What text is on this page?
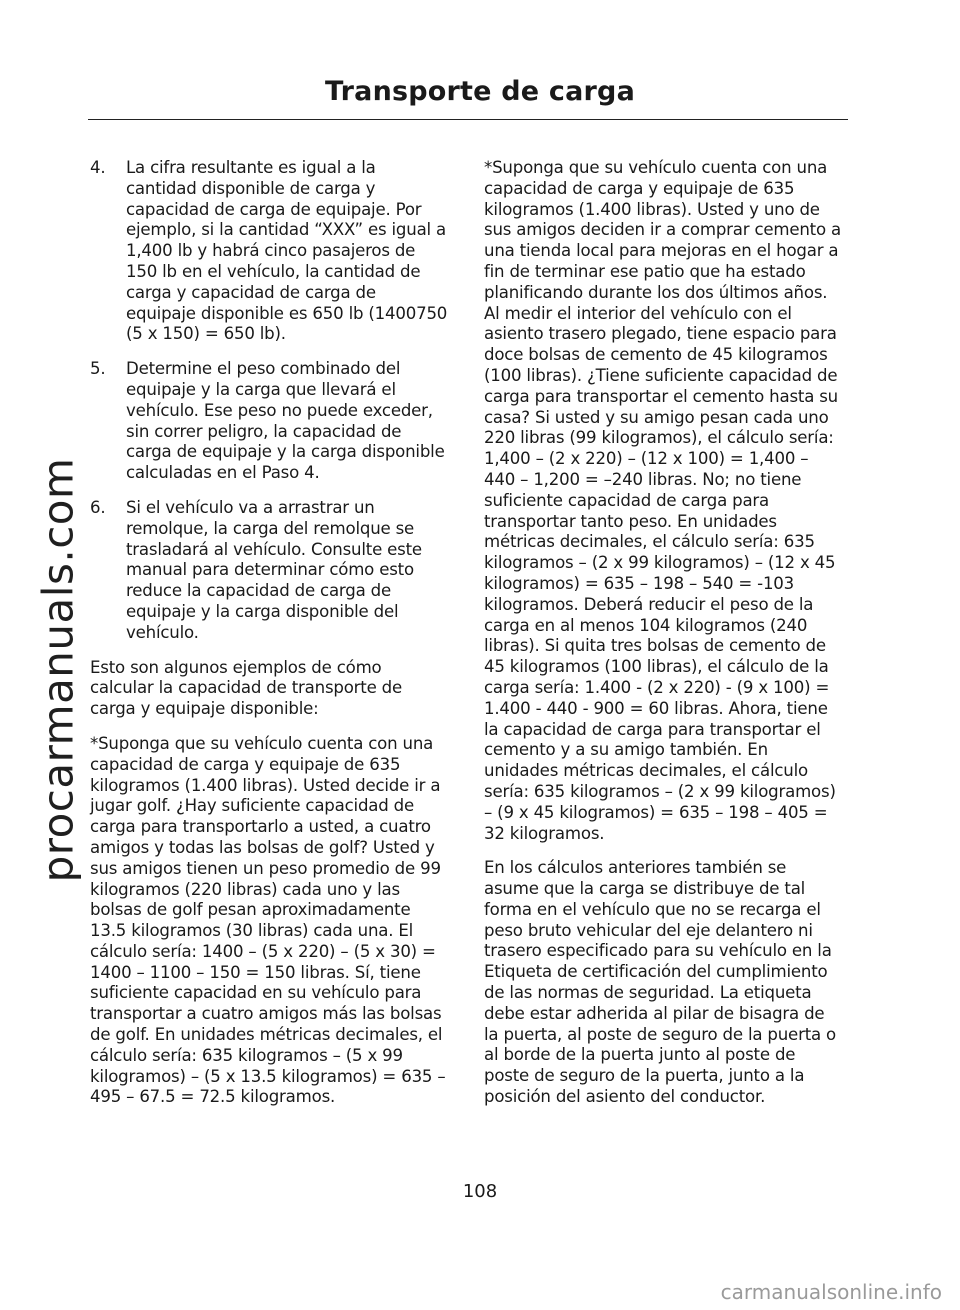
Transporte de carga
procarmanuals.com
4.	La cifra resultante es igual a la cantidad disponible de carga y capacidad de carga de equipaje. Por ejemplo, si la cantidad “XXX” es igual a 1,400 lb y habrá cinco pasajeros de 150 lb en el vehículo, la cantidad de carga y capacidad de carga de equipaje disponible es 650 lb (1400750 (5 x 150) = 650 lb).
5.	Determine el peso combinado del equipaje y la carga que llevará el vehículo. Ese peso no puede exceder, sin correr peligro, la capacidad de carga de equipaje y la carga disponible calculadas en el Paso 4.
6.	Si el vehículo va a arrastrar un remolque, la carga del remolque se trasladará al vehículo. Consulte este manual para determinar cómo esto reduce la capacidad de carga de equipaje y la carga disponible del vehículo.

Esto son algunos ejemplos de cómo calcular la capacidad de transporte de carga y equipaje disponible:

*Suponga que su vehículo cuenta con una capacidad de carga y equipaje de 635 kilogramos (1.400 libras). Usted decide ir a jugar golf. ¿Hay suficiente capacidad de carga para transportarlo a usted, a cuatro amigos y todas las bolsas de golf? Usted y sus amigos tienen un peso promedio de 99 kilogramos (220 libras) cada uno y las bolsas de golf pesan aproximadamente 13.5 kilogramos (30 libras) cada una. El cálculo sería: 1400 – (5 x 220) – (5 x 30) = 1400 – 1100 – 150 = 150 libras. Sí, tiene suficiente capacidad en su vehículo para transportar a cuatro amigos más las bolsas de golf. En unidades métricas decimales, el cálculo sería: 635 kilogramos – (5 x 99 kilogramos) – (5 x 13.5 kilogramos) = 635 – 495 – 67.5 = 72.5 kilogramos.

*Suponga que su vehículo cuenta con una capacidad de carga y equipaje de 635 kilogramos (1.400 libras). Usted y uno de sus amigos deciden ir a comprar cemento a una tienda local para mejoras en el hogar a fin de terminar ese patio que ha estado planificando durante los dos últimos años. Al medir el interior del vehículo con el asiento trasero plegado, tiene espacio para doce bolsas de cemento de 45 kilogramos (100 libras). ¿Tiene suficiente capacidad de carga para transportar el cemento hasta su casa? Si usted y su amigo pesan cada uno 220 libras (99 kilogramos), el cálculo sería: 1,400 – (2 x 220) – (12 x 100) = 1,400 – 440 – 1,200 = –240 libras. No; no tiene suficiente capacidad de carga para transportar tanto peso. En unidades métricas decimales, el cálculo sería: 635 kilogramos – (2 x 99 kilogramos) – (12 x 45 kilogramos) = 635 – 198 – 540 = -103 kilogramos. Deberá reducir el peso de la carga en al menos 104 kilogramos (240 libras). Si quita tres bolsas de cemento de 45 kilogramos (100 libras), el cálculo de la carga sería: 1.400 - (2 x 220) - (9 x 100) = 1.400 - 440 - 900 = 60 libras. Ahora, tiene la capacidad de carga para transportar el cemento y a su amigo también. En unidades métricas decimales, el cálculo sería: 635 kilogramos – (2 x 99 kilogramos) – (9 x 45 kilogramos) = 635 – 198 – 405 = 32 kilogramos.

En los cálculos anteriores también se asume que la carga se distribuye de tal forma en el vehículo que no se recarga el peso bruto vehicular del eje delantero ni trasero especificado para su vehículo en la Etiqueta de certificación del cumplimiento de las normas de seguridad. La etiqueta debe estar adherida al pilar de bisagra de la puerta, al poste de seguro de la puerta o al borde de la puerta junto al poste de poste de seguro de la puerta, junto a la posición del asiento del conductor.

108
carmanualsonline.info
